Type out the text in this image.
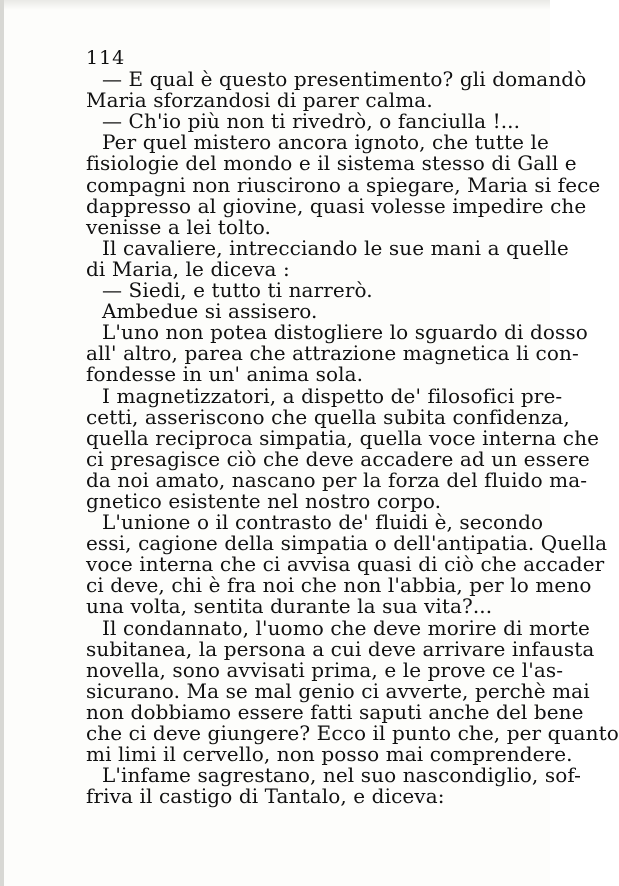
114
— E qual è questo presentimento? gli domandò
Maria sforzandosi di parer calma.
— Ch'io più non ti rivedrò, o fanciulla !...
Per quel mistero ancora ignoto, che tutte le
fisiologie del mondo e il sistema stesso di Gall e
compagni non riuscirono a spiegare, Maria si fece
dappresso al giovine, quasi volesse impedire che
venisse a lei tolto.
Il cavaliere, intrecciando le sue mani a quelle
di Maria, le diceva :
— Siedi, e tutto ti narrerò.
Ambedue si assisero.
L'uno non potea distogliere lo sguardo di dosso
all' altro, parea che attrazione magnetica li con-
fondesse in un' anima sola.
I magnetizzatori, a dispetto de' filosofici pre-
cetti, asseriscono che quella subita confidenza,
quella reciproca simpatia, quella voce interna che
ci presagisce ciò che deve accadere ad un essere
da noi amato, nascano per la forza del fluido ma-
gnetico esistente nel nostro corpo.
L'unione o il contrasto de' fluidi è, secondo
essi, cagione della simpatia o dell'antipatia. Quella
voce interna che ci avvisa quasi di ciò che accader
ci deve, chi è fra noi che non l'abbia, per lo meno
una volta, sentita durante la sua vita?...
Il condannato, l'uomo che deve morire di morte
subitanea, la persona a cui deve arrivare infausta
novella, sono avvisati prima, e le prove ce l'as-
sicurano. Ma se mal genio ci avverte, perchè mai
non dobbiamo essere fatti saputi anche del bene
che ci deve giungere? Ecco il punto che, per quanto
mi limi il cervello, non posso mai comprendere.
L'infame sagrestano, nel suo nascondiglio, sof-
friva il castigo di Tantalo, e diceva:
